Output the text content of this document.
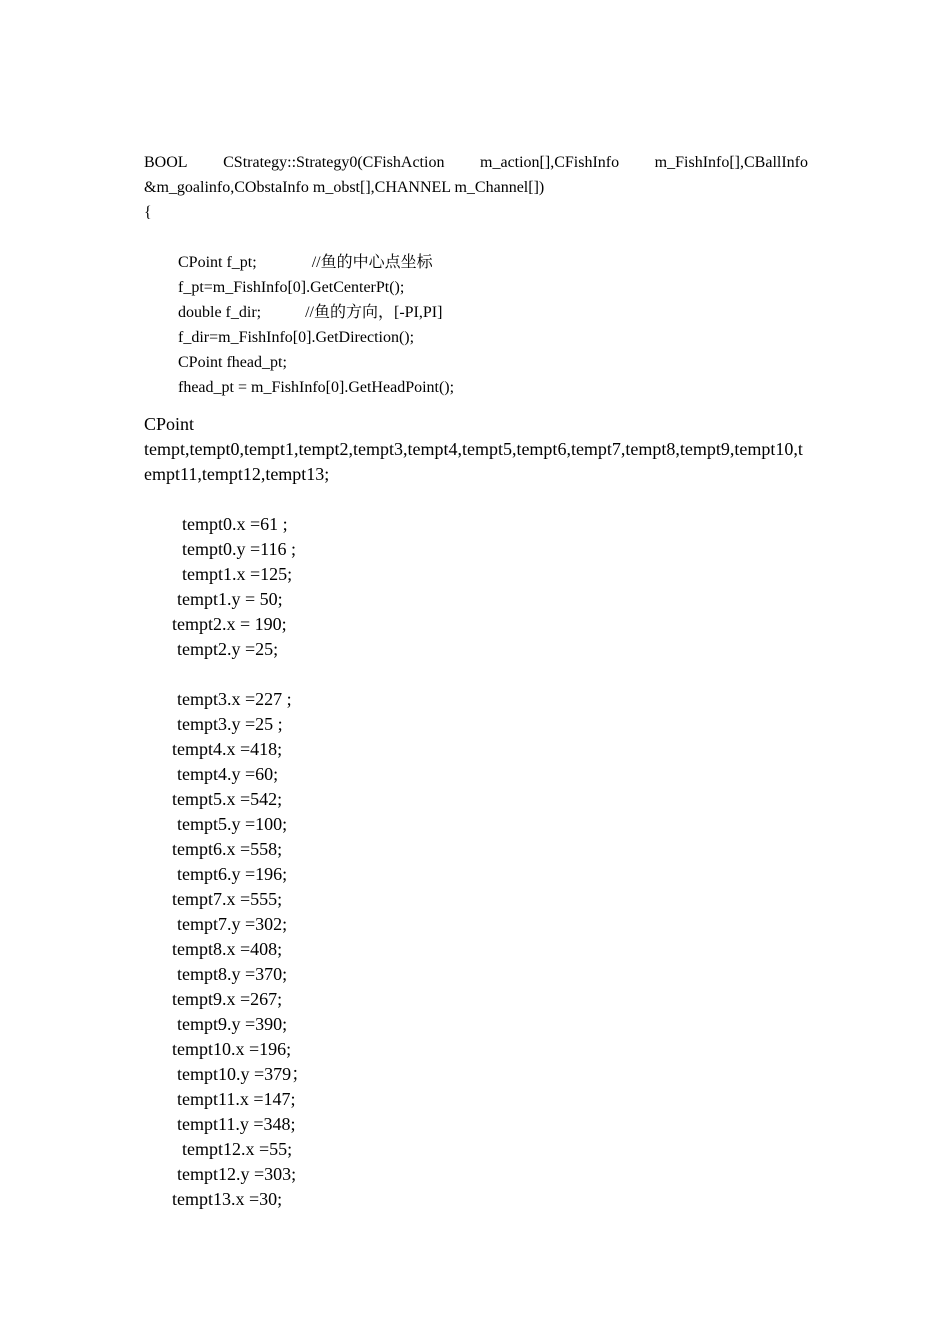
BOOL CStrategy::Strategy0(CFishAction m_action[],CFishInfo m_FishInfo[],CBallInfo
&m_goalinfo,CObstaInfo m_obst[],CHANNEL m_Channel[])
{
CPoint f_pt;	//鱼的中心点坐标
f_pt=m_FishInfo[0].GetCenterPt();
double f_dir;	//鱼的方向，[-PI,PI]
f_dir=m_FishInfo[0].GetDirection();
CPoint fhead_pt;
fhead_pt = m_FishInfo[0].GetHeadPoint();
CPoint
tempt,tempt0,tempt1,tempt2,tempt3,tempt4,tempt5,tempt6,tempt7,tempt8,tempt9,tempt10,tempt11,tempt12,tempt13;
tempt0.x =61 ;
tempt0.y =116 ;
tempt1.x =125;
tempt1.y = 50;
tempt2.x = 190;
tempt2.y =25;
tempt3.x =227 ;
tempt3.y =25 ;
tempt4.x =418;
tempt4.y =60;
tempt5.x =542;
tempt5.y =100;
tempt6.x =558;
tempt6.y =196;
tempt7.x =555;
tempt7.y =302;
tempt8.x =408;
tempt8.y =370;
tempt9.x =267;
tempt9.y =390;
tempt10.x =196;
tempt10.y =379；
tempt11.x =147;
tempt11.y =348;
tempt12.x =55;
tempt12.y =303;
tempt13.x =30;
